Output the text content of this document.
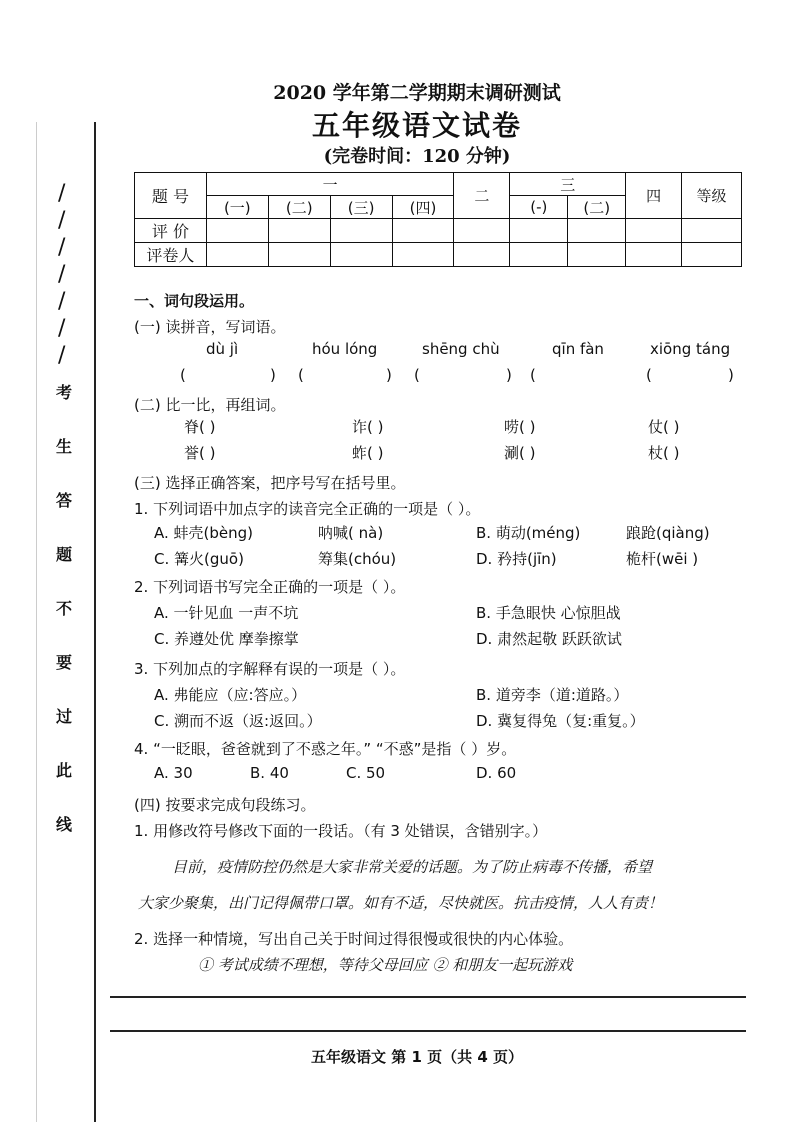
/
/
/
/
/
/
/
考
生
答
题
不
要
过
此
线
2020 学年第二学期期末调研测试
五年级语文试卷
(完卷时间：120 分钟)
题 号	一				二	三		四	等级
	(一)	(二)	(三)	(四)		(-)	(二)		
评 价									
评卷人									
一、词句段运用。
(一) 读拼音，写词语。
dù jì	hóu lóng	shēng chù	qīn fàn	xiōng táng
(	) (	) (	) (	(	)
(二) 比一比，再组词。
脊( )	诈( )	唠( )	仗( )
誉( )	蚱( )	涮( )	杖( )
(三) 选择正确答案，把序号写在括号里。
1. 下列词语中加点字的读音完全正确的一项是（ ）。
A. 蚌壳(bèng)	呐喊( nà)	B. 萌动(méng)	踉跄(qiàng)
C. 篝火(guō)	筹集(chóu)	D. 矜持(jīn)	桅杆(wēi )
2. 下列词语书写完全正确的一项是（ ）。
A. 一针见血 一声不坑	B. 手急眼快 心惊胆战
C. 养遵处优 摩拳擦掌	D. 肃然起敬 跃跃欲试
3. 下列加点的字解释有误的一项是（ ）。
A. 弗能应（应:答应。）	B. 道旁李（道:道路。）
C. 溯而不返（返:返回。）	D. 冀复得兔（复:重复。）
4. “一眨眼，爸爸就到了不惑之年。” “不惑”是指（ ）岁。
A. 30	B. 40	C. 50	D. 60
(四) 按要求完成句段练习。
1. 用修改符号修改下面的一段话。（有 3 处错误，含错别字。）
目前，疫情防控仍然是大家非常关爱的话题。为了防止病毒不传播，希望
大家少聚集，出门记得佩带口罩。如有不适，尽快就医。抗击疫情，人人有责！
2. 选择一种情境，写出自己关于时间过得很慢或很快的内心体验。
① 考试成绩不理想，等待父母回应 ② 和朋友一起玩游戏
五年级语文 第 1 页（共 4 页）
